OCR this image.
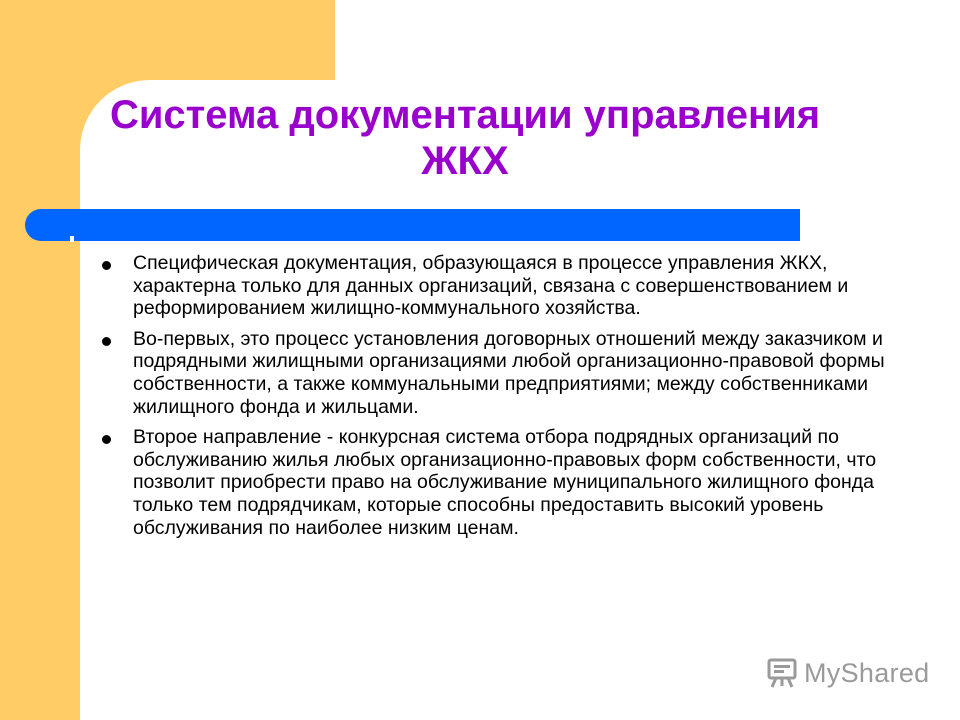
Система документации управления
ЖКХ
Специфическая документация, образующаяся в процессе управления ЖКХ, характерна только для данных организаций, связана с совершенствованием и реформированием жилищно-коммунального хозяйства.
Во-первых, это процесс установления договорных отношений между заказчиком и подрядными жилищными организациями любой организационно-правовой формы собственности, а также коммунальными предприятиями; между собственниками жилищного фонда и жильцами.
Второе направление - конкурсная система отбора подрядных организаций по обслуживанию жилья любых организационно-правовых форм собственности, что позволит приобрести право на обслуживание муниципального жилищного фонда только тем подрядчикам, которые способны предоставить высокий уровень обслуживания по наиболее низким ценам.
MyShared
